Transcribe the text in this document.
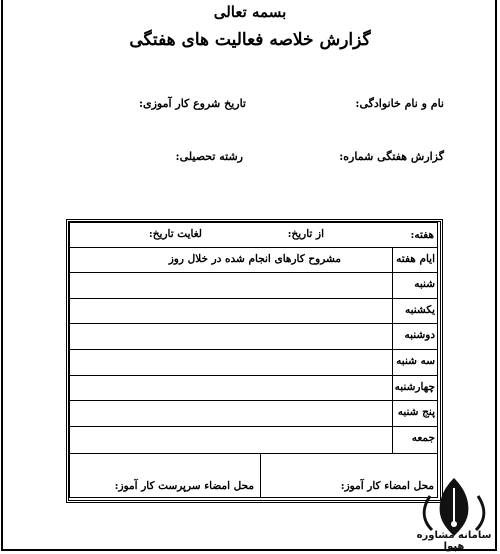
بسمه تعالی
گزارش خلاصه فعالیت های هفتگی
نام و نام خانوادگی:
تاریخ شروع کار آموزی:
گزارش هفتگی شماره:
رشته تحصیلی:
هفته:
از تاریخ:
لغایت تاریخ:
ایام هفته
مشروح کارهای انجام شده در خلال روز
شنبه
یکشنبه
دوشنبه
سه شنبه
چهارشنبه
پنج شنبه
جمعه
محل امضاء کار آموز:
محل امضاء سرپرست کار آموز:
سامانه مشاوره هپوا
